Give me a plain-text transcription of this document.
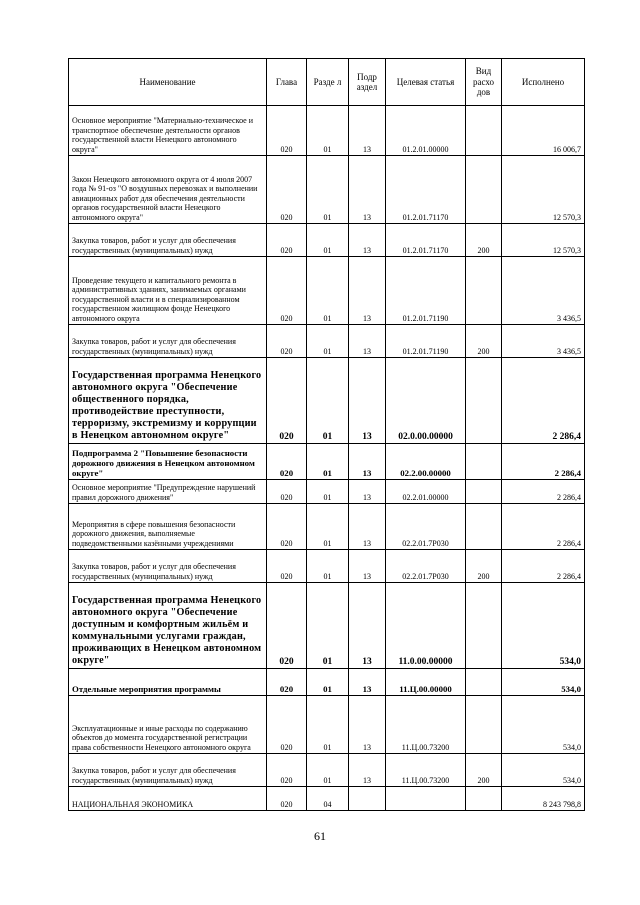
Наименование	Глава	Разде л	Подр аздел	Целевая статья	Вид расхо дов	Исполнено
Основное мероприятие "Материально-техническое и транспортное обеспечение деятельности органов государственной власти Ненецкого автономного округа"	020	01	13	01.2.01.00000		16 006,7
Закон Ненецкого автономного округа от 4 июля 2007 года № 91-оз "О воздушных перевозках и выполнении авиационных работ для обеспечения деятельности органов государственной власти Ненецкого автономного округа"	020	01	13	01.2.01.71170		12 570,3
Закупка товаров, работ и услуг для обеспечения государственных (муниципальных) нужд	020	01	13	01.2.01.71170	200	12 570,3
Проведение текущего и капитального ремонта в административных зданиях, занимаемых органами государственной власти и в специализированном государственном жилищном фонде Ненецкого автономного округа	020	01	13	01.2.01.71190		3 436,5
Закупка товаров, работ и услуг для обеспечения государственных (муниципальных) нужд	020	01	13	01.2.01.71190	200	3 436,5
Государственная программа Ненецкого автономного округа "Обеспечение общественного порядка, противодействие преступности, терроризму, экстремизму и коррупции в Ненецком автономном округе"	020	01	13	02.0.00.00000		2 286,4
Подпрограмма 2 "Повышение безопасности дорожного движения в Ненецком автономном округе"	020	01	13	02.2.00.00000		2 286,4
Основное мероприятие "Предупреждение нарушений правил дорожного движения"	020	01	13	02.2.01.00000		2 286,4
Мероприятия в сфере повышения безопасности дорожного движения, выполняемые подведомственными казёнными учреждениями	020	01	13	02.2.01.7Р030		2 286,4
Закупка товаров, работ и услуг для обеспечения государственных (муниципальных) нужд	020	01	13	02.2.01.7Р030	200	2 286,4
Государственная программа Ненецкого автономного округа "Обеспечение доступным и комфортным жильём и коммунальными услугами граждан, проживающих в Ненецком автономном округе"	020	01	13	11.0.00.00000		534,0
Отдельные мероприятия программы	020	01	13	11.Ц.00.00000		534,0
Эксплуатационные и иные расходы по содержанию объектов до момента государственной регистрации права собственности Ненецкого автономного округа	020	01	13	11.Ц.00.73200		534,0
Закупка товаров, работ и услуг для обеспечения государственных (муниципальных) нужд	020	01	13	11.Ц.00.73200	200	534,0
НАЦИОНАЛЬНАЯ ЭКОНОМИКА	020	04				8 243 798,8
61
